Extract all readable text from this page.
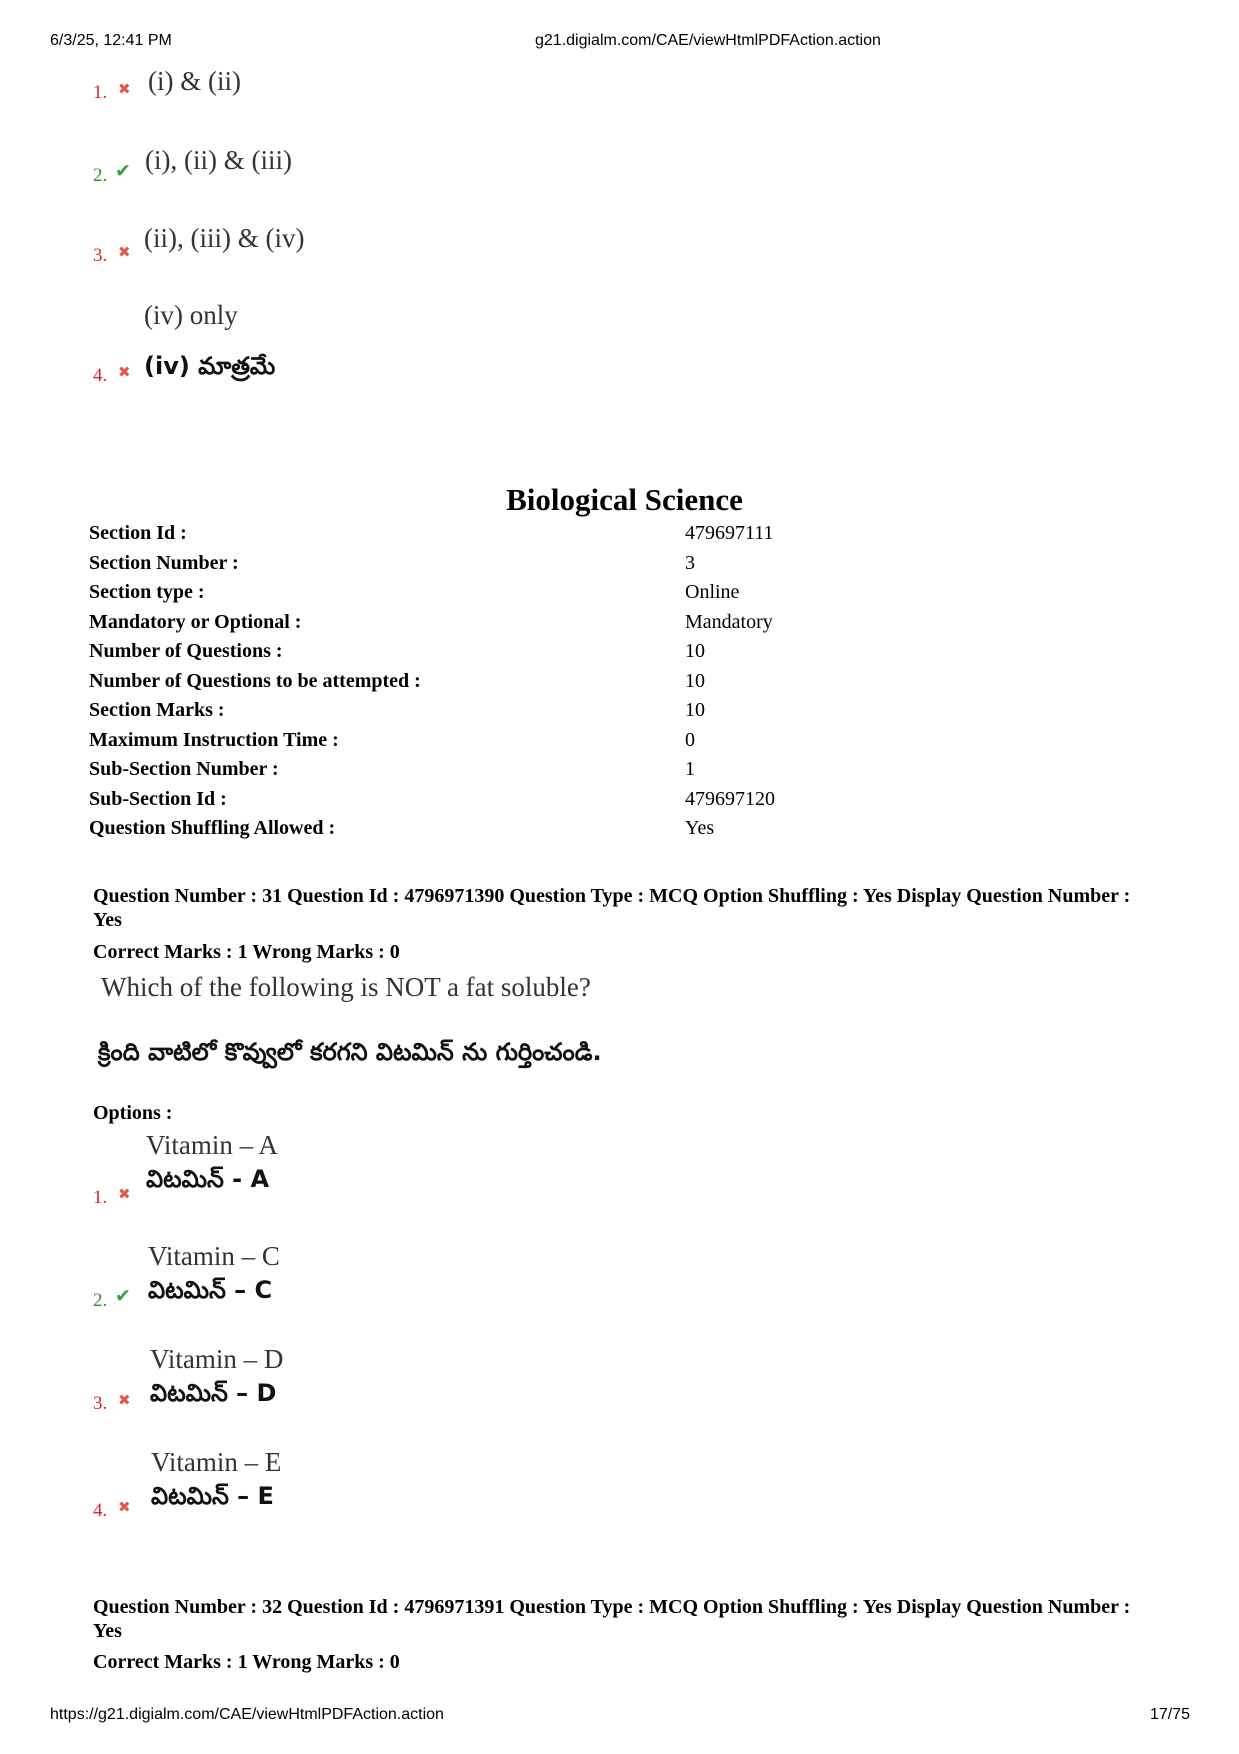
6/3/25, 12:41 PM	g21.digialm.com/CAE/viewHtmlPDFAction.action
1. ✖ (i) & (ii)
2. ✔ (i), (ii) & (iii)
3. ✖ (ii), (iii) & (iv)
(iv) only
4. ✖ (iv) మాత్రమే
Biological Science
Section Id :	479697111
Section Number :	3
Section type :	Online
Mandatory or Optional :	Mandatory
Number of Questions :	10
Number of Questions to be attempted :	10
Section Marks :	10
Maximum Instruction Time :	0
Sub-Section Number :	1
Sub-Section Id :	479697120
Question Shuffling Allowed :	Yes
Question Number : 31 Question Id : 4796971390 Question Type : MCQ Option Shuffling : Yes Display Question Number : Yes
Correct Marks : 1 Wrong Marks : 0
Which of the following is NOT a fat soluble?
క్రింది వాటిలో కొవ్వులో కరగని విటమిన్ ను గుర్తించండి.
Options :
Vitamin – A
విటమిన్ - A
1. ✖
Vitamin – C
విటమిన్ – C
2. ✔
Vitamin – D
విటమిన్ – D
3. ✖
Vitamin – E
విటమిన్ – E
4. ✖
Question Number : 32 Question Id : 4796971391 Question Type : MCQ Option Shuffling : Yes Display Question Number : Yes
Correct Marks : 1 Wrong Marks : 0
https://g21.digialm.com/CAE/viewHtmlPDFAction.action	17/75
